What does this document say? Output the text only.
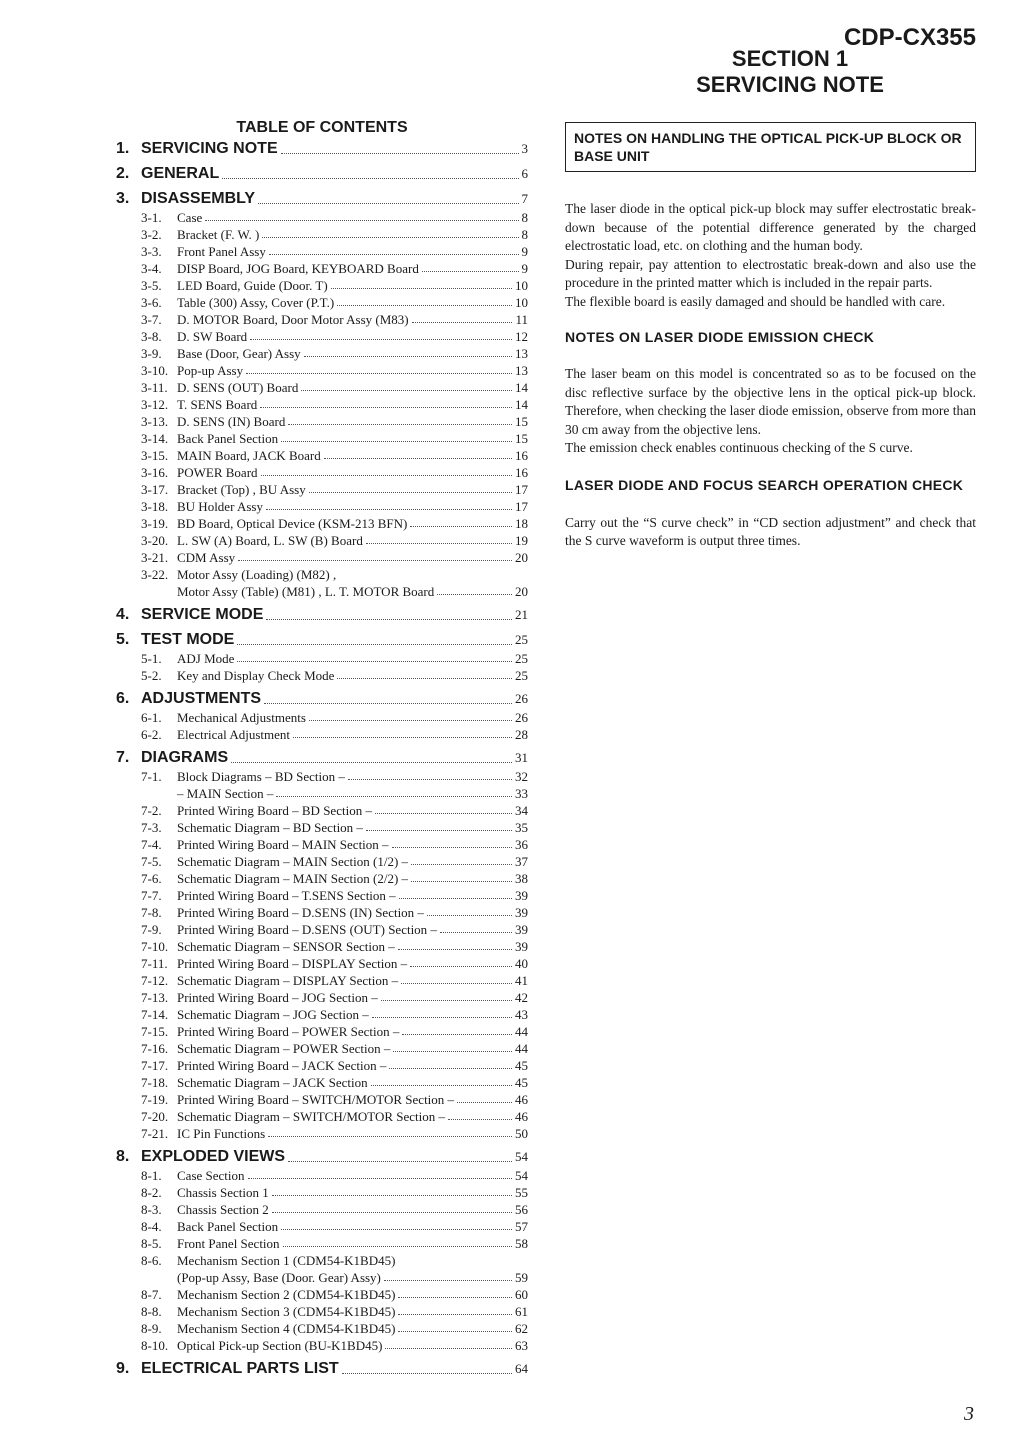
CDP-CX355
SECTION 1
SERVICING NOTE
TABLE OF CONTENTS
1. SERVICING NOTE	3
2. GENERAL	6
3. DISASSEMBLY	7
3-1.	Case	8
3-2.	Bracket (F. W. )	8
3-3.	Front Panel Assy	9
3-4.	DISP Board, JOG Board, KEYBOARD Board	9
3-5.	LED Board, Guide (Door. T)	10
3-6.	Table (300) Assy, Cover (P.T.)	10
3-7.	D. MOTOR Board, Door Motor Assy (M83)	11
3-8.	D. SW Board	12
3-9.	Base (Door, Gear) Assy	13
3-10. Pop-up Assy	13
3-11. D. SENS (OUT) Board	14
3-12. T. SENS Board	14
3-13. D. SENS (IN) Board	15
3-14. Back Panel Section	15
3-15. MAIN Board, JACK Board	16
3-16. POWER Board	16
3-17. Bracket (Top) , BU Assy	17
3-18. BU Holder Assy	17
3-19. BD Board, Optical Device (KSM-213 BFN)	18
3-20. L. SW (A) Board, L. SW (B) Board	19
3-21. CDM Assy	20
3-22. Motor Assy (Loading) (M82) ,
Motor Assy (Table) (M81) , L. T. MOTOR Board	20
4. SERVICE MODE	21
5. TEST MODE	25
5-1.	ADJ Mode	25
5-2.	Key and Display Check Mode	25
6. ADJUSTMENTS	26
6-1.	Mechanical Adjustments	26
6-2.	Electrical Adjustment	28
7. DIAGRAMS	31
7-1.	Block Diagrams – BD Section –	32
– MAIN Section –	33
7-2.	Printed Wiring Board – BD Section –	34
7-3.	Schematic Diagram – BD Section –	35
7-4.	Printed Wiring Board – MAIN Section –	36
7-5.	Schematic Diagram – MAIN Section (1/2) –	37
7-6.	Schematic Diagram – MAIN Section (2/2) –	38
7-7.	Printed Wiring Board – T.SENS Section –	39
7-8.	Printed Wiring Board – D.SENS (IN) Section –	39
7-9.	Printed Wiring Board – D.SENS (OUT) Section –	39
7-10. Schematic Diagram – SENSOR Section –	39
7-11. Printed Wiring Board – DISPLAY Section –	40
7-12. Schematic Diagram – DISPLAY Section –	41
7-13. Printed Wiring Board – JOG Section –	42
7-14. Schematic Diagram – JOG Section –	43
7-15. Printed Wiring Board – POWER Section –	44
7-16. Schematic Diagram – POWER Section –	44
7-17. Printed Wiring Board – JACK Section –	45
7-18. Schematic Diagram – JACK Section	45
7-19. Printed Wiring Board – SWITCH/MOTOR Section –	46
7-20. Schematic Diagram – SWITCH/MOTOR Section –	46
7-21. IC Pin Functions	50
8. EXPLODED VIEWS	54
8-1.	Case Section	54
8-2.	Chassis Section 1	55
8-3.	Chassis Section 2	56
8-4.	Back Panel Section	57
8-5.	Front Panel Section	58
8-6.	Mechanism Section 1 (CDM54-K1BD45)
(Pop-up Assy, Base (Door. Gear) Assy)	59
8-7.	Mechanism Section 2 (CDM54-K1BD45)	60
8-8.	Mechanism Section 3 (CDM54-K1BD45)	61
8-9.	Mechanism Section 4 (CDM54-K1BD45)	62
8-10. Optical Pick-up Section (BU-K1BD45)	63
9. ELECTRICAL PARTS LIST	64
NOTES ON HANDLING THE OPTICAL PICK-UP BLOCK OR BASE UNIT

The laser diode in the optical pick-up block may suffer electrostatic break-down because of the potential difference generated by the charged electrostatic load, etc. on clothing and the human body.

During repair, pay attention to electrostatic break-down and also use the procedure in the printed matter which is included in the repair parts.

The flexible board is easily damaged and should be handled with care.

NOTES ON LASER DIODE EMISSION CHECK

The laser beam on this model is concentrated so as to be focused on the disc reflective surface by the objective lens in the optical pick-up block. Therefore, when checking the laser diode emission, observe from more than 30 cm away from the objective lens.

The emission check enables continuous checking of the S curve.

LASER DIODE AND FOCUS SEARCH OPERATION CHECK

Carry out the “S curve check” in “CD section adjustment” and check that the S curve waveform is output three times.

3
